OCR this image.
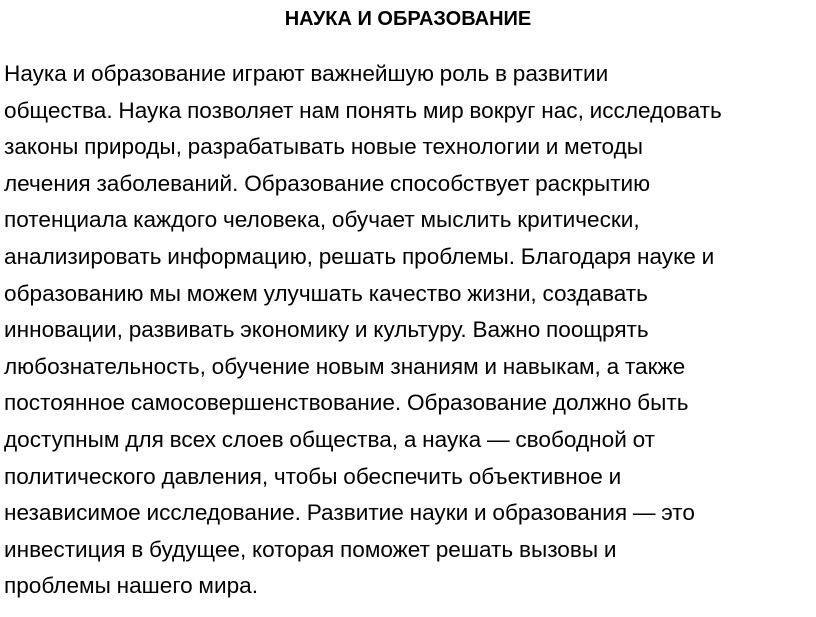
НАУКА И ОБРАЗОВАНИЕ
Наука и образование играют важнейшую роль в развитии
общества. Наука позволяет нам понять мир вокруг нас, исследовать
законы природы, разрабатывать новые технологии и методы
лечения заболеваний. Образование способствует раскрытию
потенциала каждого человека, обучает мыслить критически,
анализировать информацию, решать проблемы. Благодаря науке и
образованию мы можем улучшать качество жизни, создавать
инновации, развивать экономику и культуру. Важно поощрять
любознательность, обучение новым знаниям и навыкам, а также
постоянное самосовершенствование. Образование должно быть
доступным для всех слоев общества, а наука — свободной от
политического давления, чтобы обеспечить объективное и
независимое исследование. Развитие науки и образования — это
инвестиция в будущее, которая поможет решать вызовы и
проблемы нашего мира.
